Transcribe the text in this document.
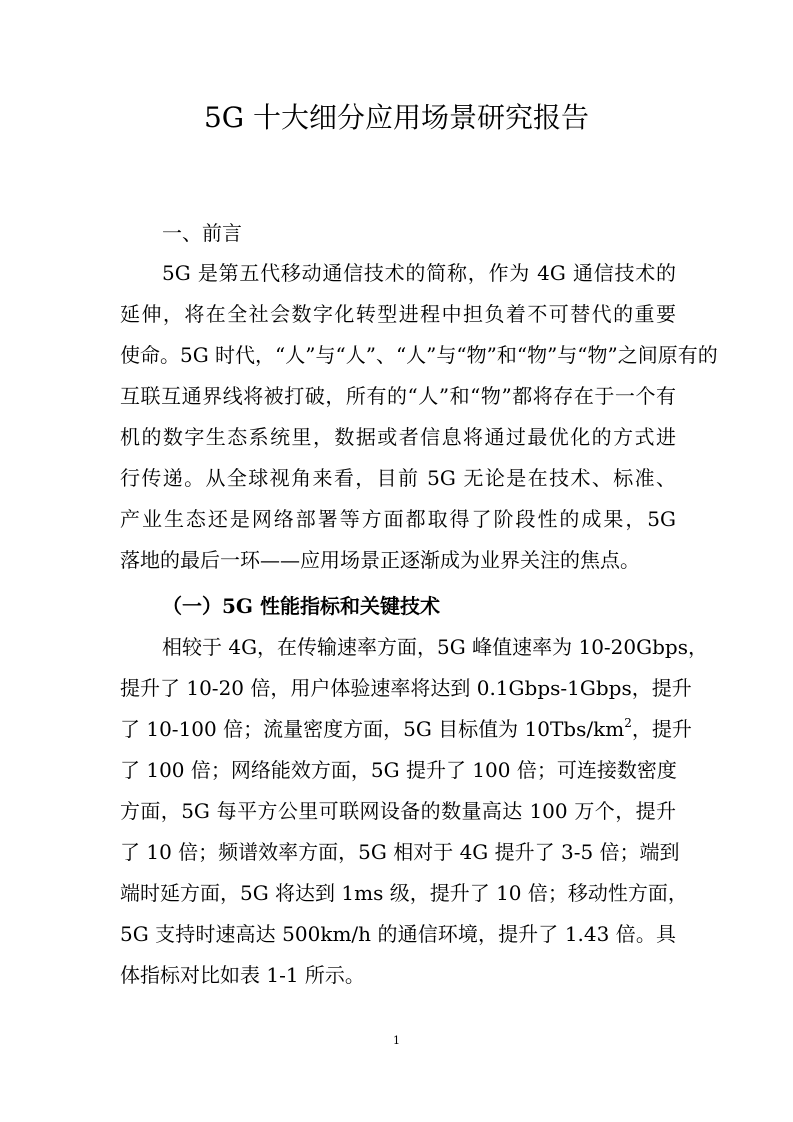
5G 十大细分应用场景研究报告
一、前言
5G 是第五代移动通信技术的简称，作为 4G 通信技术的
延伸，将在全社会数字化转型进程中担负着不可替代的重要
使命。5G 时代，“人”与“人”、“人”与“物”和“物”与“物”之间原有的
互联互通界线将被打破，所有的“人”和“物”都将存在于一个有
机的数字生态系统里，数据或者信息将通过最优化的方式进
行传递。从全球视角来看，目前 5G 无论是在技术、标准、
产业生态还是网络部署等方面都取得了阶段性的成果，5G
落地的最后一环——应用场景正逐渐成为业界关注的焦点。
（一）5G 性能指标和关键技术
相较于 4G，在传输速率方面，5G 峰值速率为 10-20Gbps，
提升了 10-20 倍，用户体验速率将达到 0.1Gbps-1Gbps，提升
了 10-100 倍；流量密度方面，5G 目标值为 $10Tbs/km^2$，提升
了 100 倍；网络能效方面，5G 提升了 100 倍；可连接数密度
方面，5G 每平方公里可联网设备的数量高达 100 万个，提升
了 10 倍；频谱效率方面，5G 相对于 4G 提升了 3-5 倍；端到
端时延方面，5G 将达到 1ms 级，提升了 10 倍；移动性方面，
5G 支持时速高达 500km/h 的通信环境，提升了 1.43 倍。具
体指标对比如表 1-1 所示。
1
